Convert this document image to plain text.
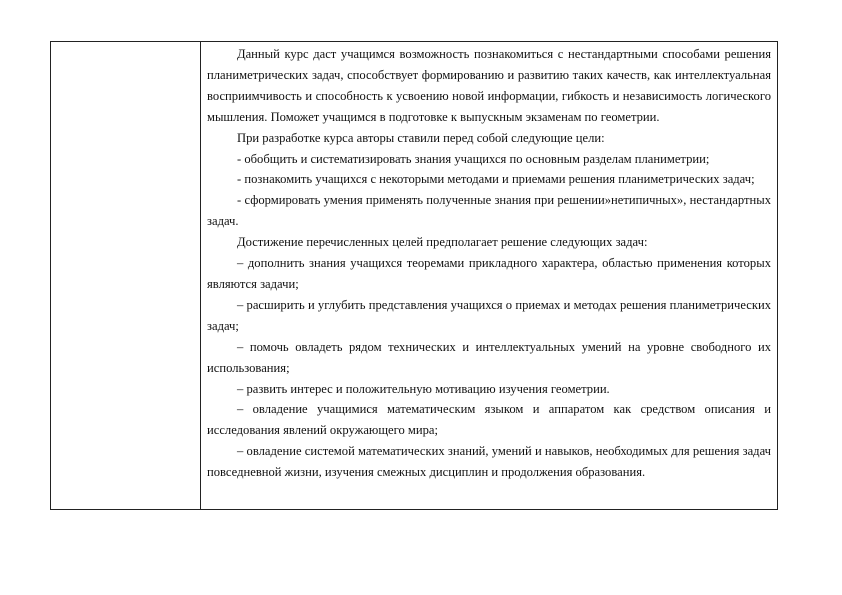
Данный курс даст учащимся возможность познакомиться с нестандартными способами решения планиметрических задач, способствует формированию и развитию таких качеств, как интеллектуальная восприимчивость и способность к усвоению новой информации, гибкость и независимость логического мышления. Поможет учащимся в подготовке к выпускным экзаменам по геометрии.

При разработке курса авторы ставили перед собой следующие цели:

- обобщить и систематизировать знания учащихся по основным разделам планиметрии;

- познакомить учащихся с некоторыми методами и приемами решения планиметрических задач;

- сформировать умения применять полученные знания при решении»нетипичных», нестандартных задач.

Достижение перечисленных целей предполагает решение следующих задач:

– дополнить знания учащихся теоремами прикладного характера, областью применения которых являются задачи;

– расширить и углубить представления учащихся о приемах и методах решения планиметрических задач;

– помочь овладеть рядом технических и интеллектуальных умений на уровне свободного их использования;

– развить интерес и положительную мотивацию изучения геометрии.

– овладение учащимися математическим языком и аппаратом как средством описания и исследования явлений окружающего мира;

– овладение системой математических знаний, умений и навыков, необходимых для решения задач повседневной жизни, изучения смежных дисциплин и продолжения образования.
